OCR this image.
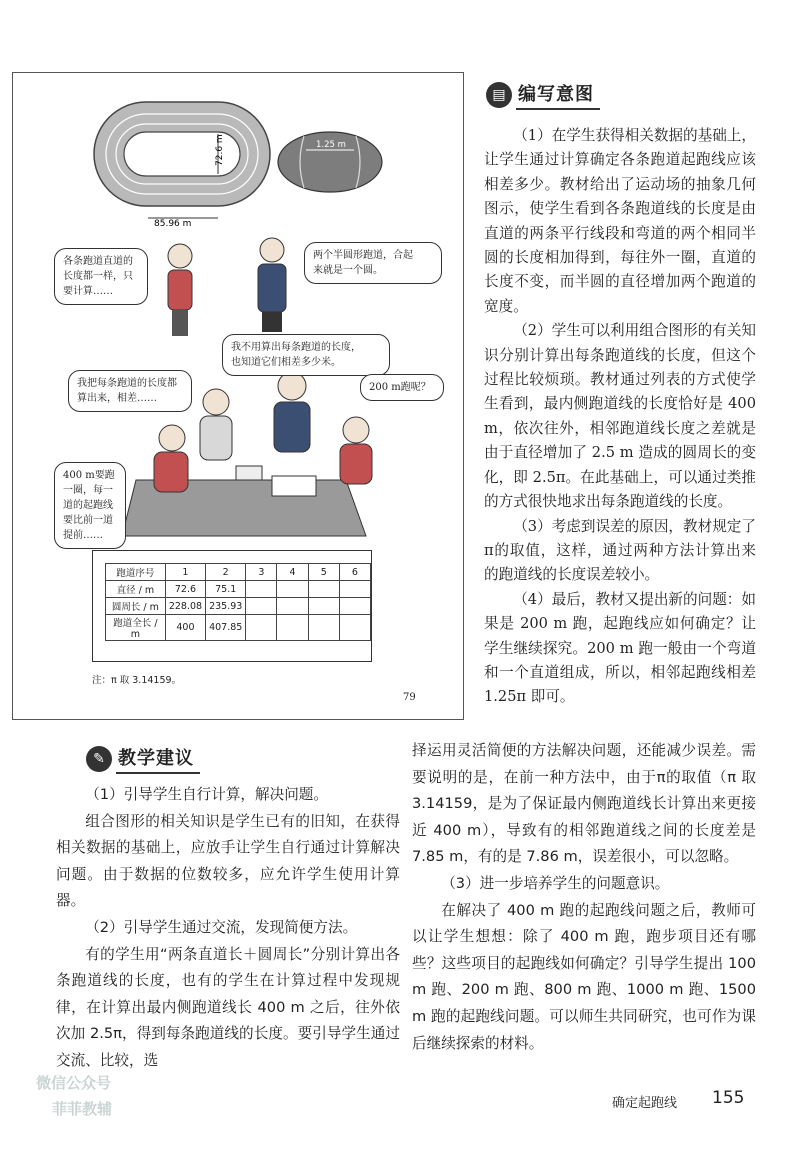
72.6 m
85.96 m
1.25 m
各条跑道直道的
长度都一样，只
要计算……
两个半圆形跑道，合起
来就是一个圆。
我不用算出每条跑道的长度，
也知道它们相差多少米。
我把每条跑道的长度都
算出来，相差……
200 m跑呢？
400 m要跑
一圈，每一
道的起跑线
要比前一道
提前……
跑道序号	1	2	3	4	5	6
直径 / m	72.6	75.1				
圆周长 / m	228.08	235.93				
跑道全长 / m	400	407.85				
注：π 取 3.14159。
79
▤ 编写意图

（1）在学生获得相关数据的基础上，让学生通过计算确定各条跑道起跑线应该相差多少。教材给出了运动场的抽象几何图示，使学生看到各条跑道线的长度是由直道的两条平行线段和弯道的两个相同半圆的长度相加得到，每往外一圈，直道的长度不变，而半圆的直径增加两个跑道的宽度。

（2）学生可以利用组合图形的有关知识分别计算出每条跑道线的长度，但这个过程比较烦琐。教材通过列表的方式使学生看到，最内侧跑道线的长度恰好是 400 m，依次往外，相邻跑道线长度之差就是由于直径增加了 2.5 m 造成的圆周长的变化，即 2.5π。在此基础上，可以通过类推的方式很快地求出每条跑道线的长度。

（3）考虑到误差的原因，教材规定了π的取值，这样，通过两种方法计算出来的跑道线的长度误差较小。

（4）最后，教材又提出新的问题：如果是 200 m 跑，起跑线应如何确定？让学生继续探究。200 m 跑一般由一个弯道和一个直道组成，所以，相邻起跑线相差 1.25π 即可。

✎ 教学建议

（1）引导学生自行计算，解决问题。

组合图形的相关知识是学生已有的旧知，在获得相关数据的基础上，应放手让学生自行通过计算解决问题。由于数据的位数较多，应允许学生使用计算器。

（2）引导学生通过交流，发现简便方法。

有的学生用“两条直道长＋圆周长”分别计算出各条跑道线的长度，也有的学生在计算过程中发现规律，在计算出最内侧跑道线长 400 m 之后，往外依次加 2.5π，得到每条跑道线的长度。要引导学生通过交流、比较，选

择运用灵活简便的方法解决问题，还能减少误差。需要说明的是，在前一种方法中，由于π的取值（π 取 3.14159，是为了保证最内侧跑道线长计算出来更接近 400 m），导致有的相邻跑道线之间的长度差是 7.85 m，有的是 7.86 m，误差很小，可以忽略。

（3）进一步培养学生的问题意识。

在解决了 400 m 跑的起跑线问题之后，教师可以让学生想想：除了 400 m 跑，跑步项目还有哪些？这些项目的起跑线如何确定？引导学生提出 100 m 跑、200 m 跑、800 m 跑、1000 m 跑、1500 m 跑的起跑线问题。可以师生共同研究，也可作为课后继续探索的材料。

确定起跑线 155
微信公众号
菲菲教辅
